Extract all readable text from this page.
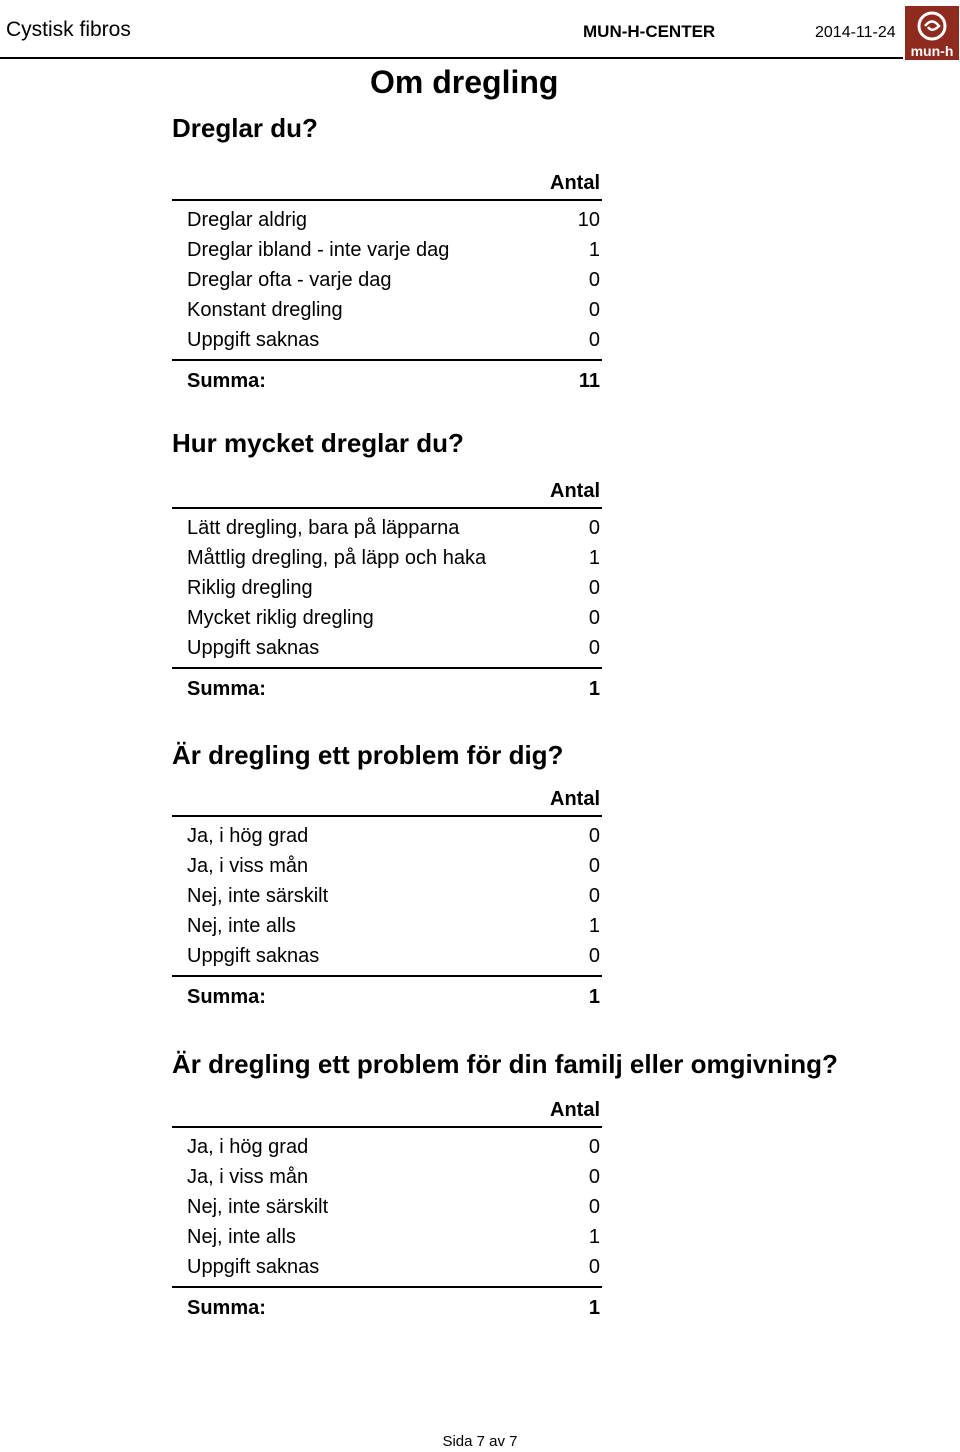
Cystisk fibros	MUN-H-CENTER	2014-11-24
mun-h
Om dregling
Dreglar du?
Antal
Dreglar aldrig	10
Dreglar ibland - inte varje dag	1
Dreglar ofta - varje dag	0
Konstant dregling	0
Uppgift saknas	0
Summa:	11
Hur mycket dreglar du?
Antal
Lätt dregling, bara på läpparna	0
Måttlig dregling, på läpp och haka	1
Riklig dregling	0
Mycket riklig dregling	0
Uppgift saknas	0
Summa:	1
Är dregling ett problem för dig?
Antal
Ja, i hög grad	0
Ja, i viss mån	0
Nej, inte särskilt	0
Nej, inte alls	1
Uppgift saknas	0
Summa:	1
Är dregling ett problem för din familj eller omgivning?
Antal
Ja, i hög grad	0
Ja, i viss mån	0
Nej, inte särskilt	0
Nej, inte alls	1
Uppgift saknas	0
Summa:	1
Sida 7 av 7
